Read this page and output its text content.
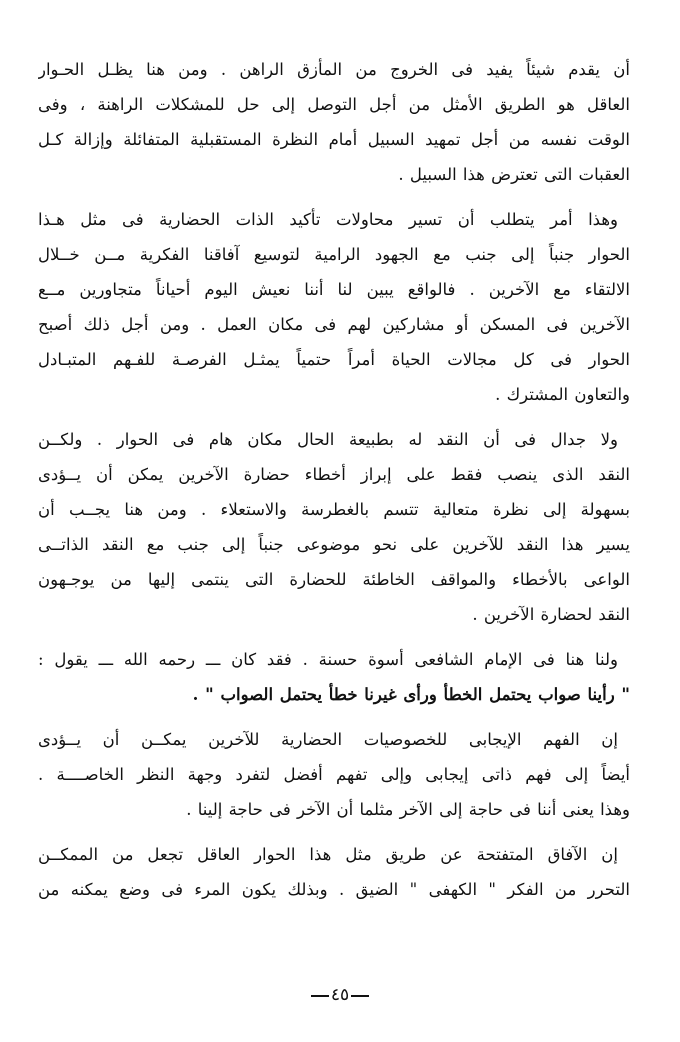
أن يقدم شيئاً يفيد فى الخروج من المأزق الراهن . ومن هنا يظـل الحـوار
العاقل هو الطريق الأمثل من أجل التوصل إلى حل للمشكلات الراهنة ، وفى
الوقت نفسه من أجل تمهيد السبيل أمام النظرة المستقبلية المتفائلة وإزالة كـل
العقبات التى تعترض هذا السبيل .

وهذا أمر يتطلب أن تسير محاولات تأكيد الذات الحضارية فى مثل هـذا
الحوار جنباً إلى جنب مع الجهود الرامية لتوسيع آفاقنا الفكرية مــن خــلال
الالتقاء مع الآخرين . فالواقع يبين لنا أننا نعيش اليوم أحياناً متجاورين مــع
الآخرين فى المسكن أو مشاركين لهم فى مكان العمل . ومن أجل ذلك أصبح
الحوار فى كل مجالات الحياة أمراً حتمياً يمثـل الفرصـة للفـهم المتبـادل
والتعاون المشترك .

ولا جدال فى أن النقد له بطبيعة الحال مكان هام فى الحوار . ولكــن
النقد الذى ينصب فقط على إبراز أخطاء حضارة الآخرين يمكن أن يــؤدى
بسهولة إلى نظرة متعالية تتسم بالغطرسة والاستعلاء . ومن هنا يجــب أن
يسير هذا النقد للآخرين على نحو موضوعى جنباً إلى جنب مع النقد الذاتــى
الواعى بالأخطاء والمواقف الخاطئة للحضارة التى ينتمى إليها من يوجـهون
النقد لحضارة الآخرين .

ولنا هنا فى الإمام الشافعى أسوة حسنة . فقد كان ـــ رحمه الله ـــ يقول :
" رأينا صواب يحتمل الخطأ ورأى غيرنا خطأ يحتمل الصواب " .

إن الفهم الإيجابى للخصوصيات الحضارية للآخرين يمكــن أن يــؤدى
أيضاً إلى فهم ذاتى إيجابى وإلى تفهم أفضل لتفرد وجهة النظر الخاصــــة .
وهذا يعنى أننا فى حاجة إلى الآخر مثلما أن الآخر فى حاجة إلينا .

إن الآفاق المتفتحة عن طريق مثل هذا الحوار العاقل تجعل من الممكــن
التحرر من الفكر " الكهفى " الضيق . وبذلك يكون المرء فى وضع يمكنه من

٤٥
